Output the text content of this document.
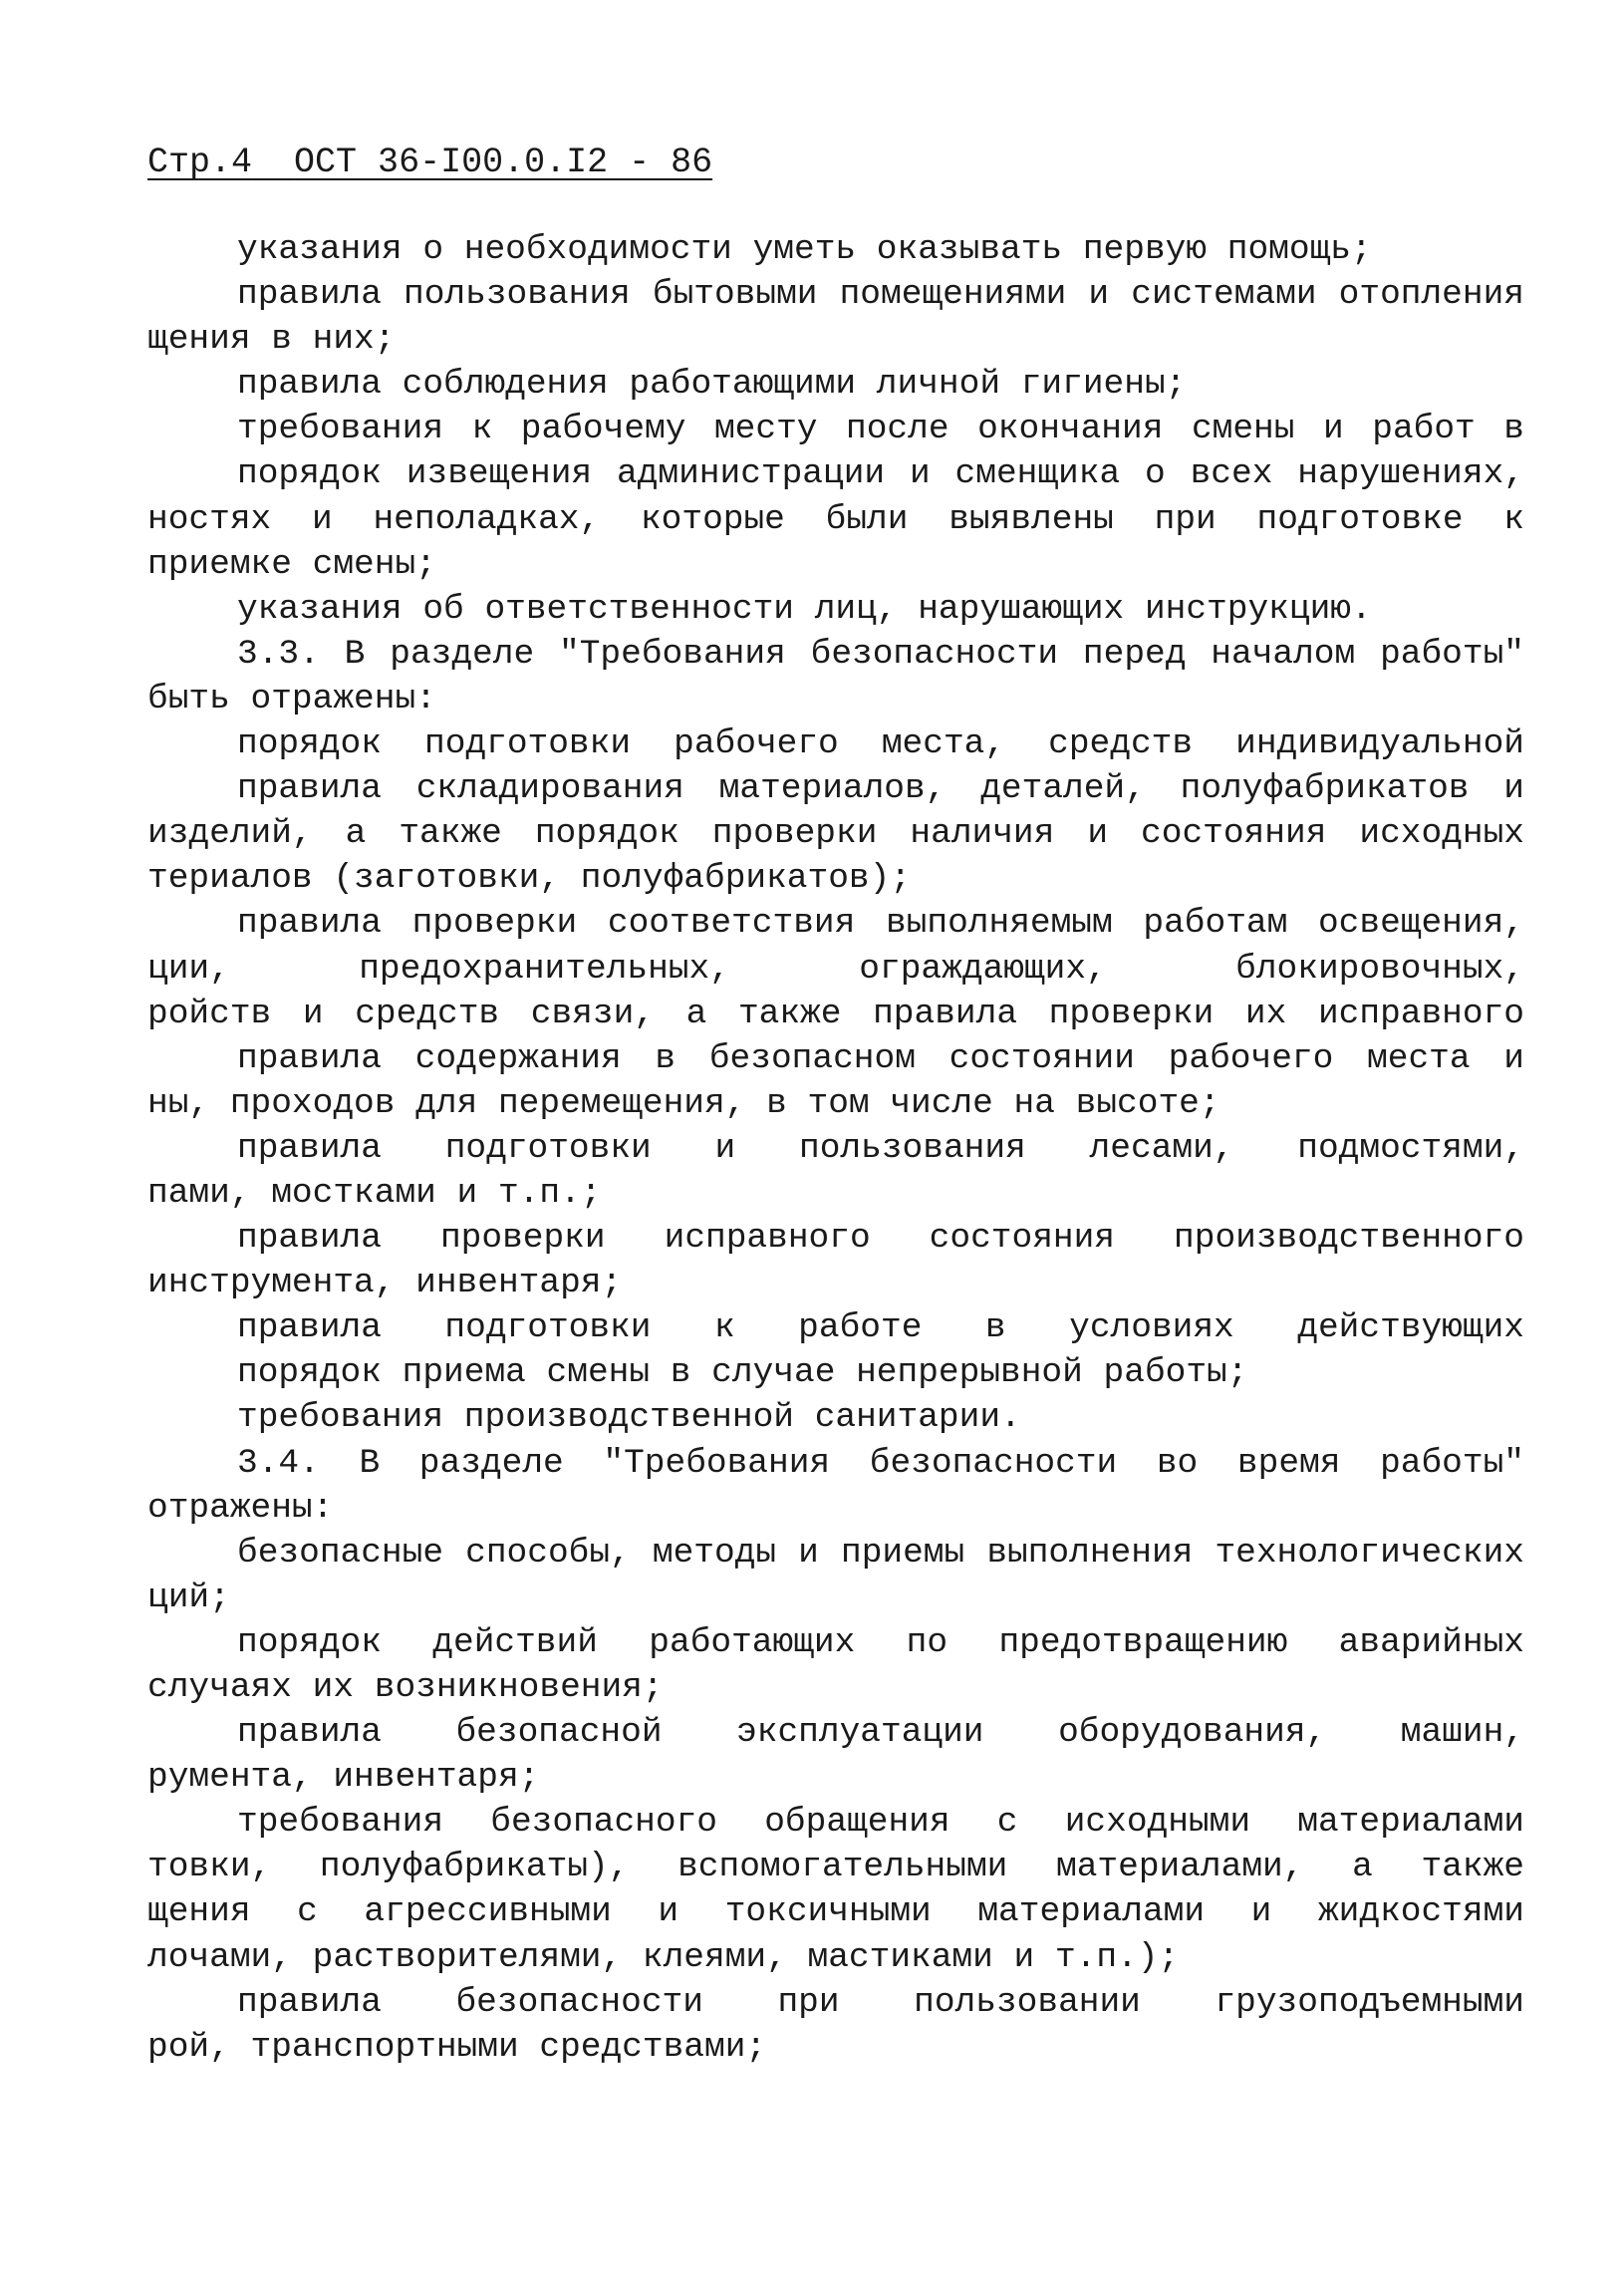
Стр.4 ОСТ 36-I00.0.I2 - 86
указания о необходимости уметь оказывать первую помощь;
правила пользования бытовыми помещениями и системами отопления
щения в них;
правила соблюдения работающими личной гигиены;
требования к рабочему месту после окончания смены и работ в
порядок извещения администрации и сменщика о всех нарушениях,
ностях и неполадках, которые были выявлены при подготовке к
приемке смены;
указания об ответственности лиц, нарушающих инструкцию.
3.3. В разделе "Требования безопасности перед началом работы"
быть отражены:
порядок подготовки рабочего места, средств индивидуальной
правила складирования материалов, деталей, полуфабрикатов и
изделий, а также порядок проверки наличия и состояния исходных
териалов (заготовки, полуфабрикатов);
правила проверки соответствия выполняемым работам освещения,
ции, предохранительных, ограждающих, блокировочных,
ройств и средств связи, а также правила проверки их исправного
правила содержания в безопасном состоянии рабочего места и
ны, проходов для перемещения, в том числе на высоте;
правила подготовки и пользования лесами, подмостями,
пами, мостками и т.п.;
правила проверки исправного состояния производственного
инструмента, инвентаря;
правила подготовки к работе в условиях действующих
порядок приема смены в случае непрерывной работы;
требования производственной санитарии.
3.4. В разделе "Требования безопасности во время работы"
отражены:
безопасные способы, методы и приемы выполнения технологических
ций;
порядок действий работающих по предотвращению аварийных
случаях их возникновения;
правила безопасной эксплуатации оборудования, машин,
румента, инвентаря;
требования безопасного обращения с исходными материалами
товки, полуфабрикаты), вспомогательными материалами, а также
щения с агрессивными и токсичными материалами и жидкостями
лочами, растворителями, клеями, мастиками и т.п.);
правила безопасности при пользовании грузоподъемными
рой, транспортными средствами;
